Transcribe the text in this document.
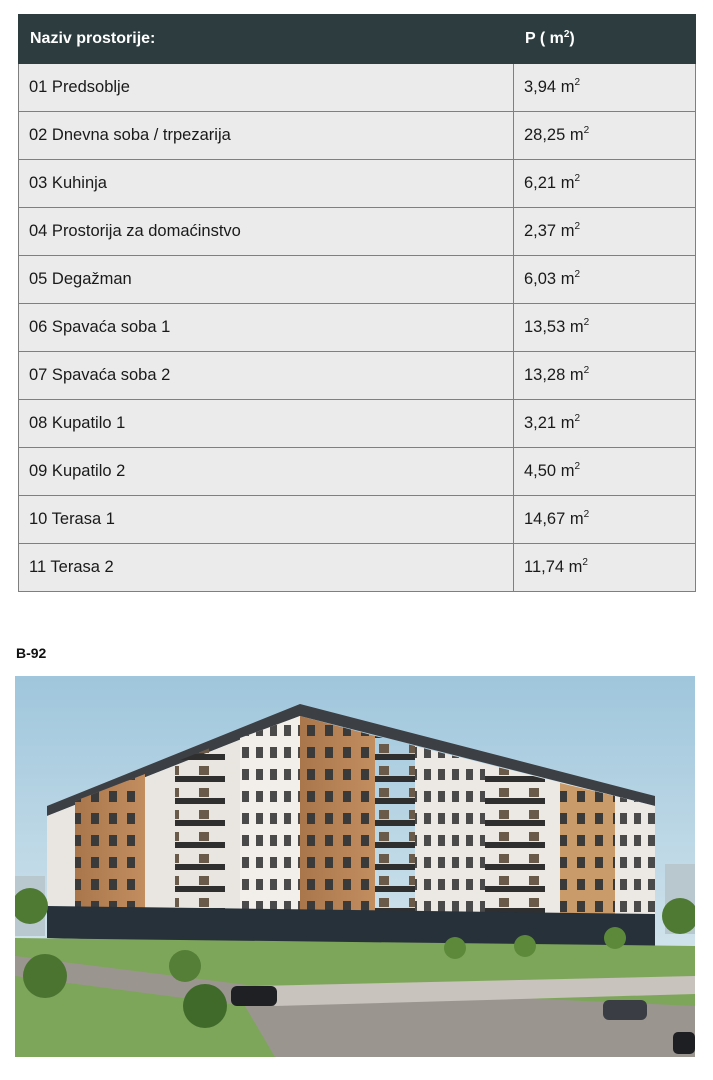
Naziv prostorije:	P ( $m^2$)
01 Predsoblje	3,94 $m^2$
02 Dnevna soba / trpezarija	28,25 $m^2$
03 Kuhinja	6,21 $m^2$
04 Prostorija za domaćinstvo	2,37 $m^2$
05 Degažman	6,03 $m^2$
06 Spavaća soba 1	13,53 $m^2$
07 Spavaća soba 2	13,28 $m^2$
08 Kupatilo 1	3,21 $m^2$
09 Kupatilo 2	4,50 $m^2$
10 Terasa 1	14,67 $m^2$
11 Terasa 2	11,74 $m^2$
B-92
